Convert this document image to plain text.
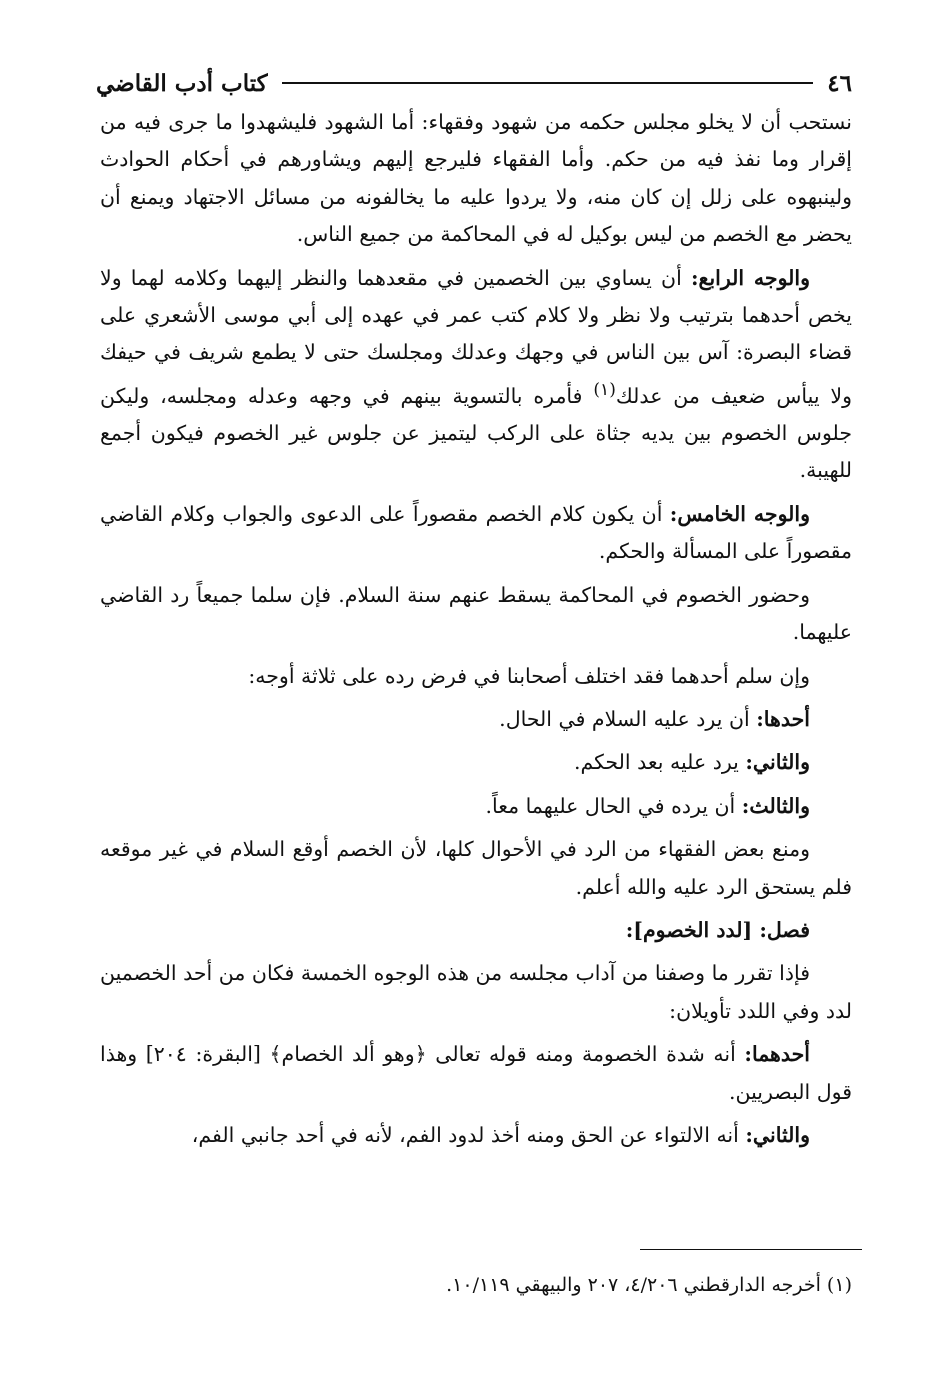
٤٦
كتاب أدب القاضي

نستحب أن لا يخلو مجلس حكمه من شهود وفقهاء: أما الشهود فليشهدوا ما جرى فيه من إقرار وما نفذ فيه من حكم. وأما الفقهاء فليرجع إليهم ويشاورهم في أحكام الحوادث ولينبهوه على زلل إن كان منه، ولا يردوا عليه ما يخالفونه من مسائل الاجتهاد ويمنع أن يحضر مع الخصم من ليس بوكيل له في المحاكمة من جميع الناس.

والوجه الرابع: أن يساوي بين الخصمين في مقعدهما والنظر إليهما وكلامه لهما ولا يخص أحدهما بترتيب ولا نظر ولا كلام كتب عمر في عهده إلى أبي موسى الأشعري على قضاء البصرة: آس بين الناس في وجهك وعدلك ومجلسك حتى لا يطمع شريف في حيفك ولا ييأس ضعيف من عدلك$^{(١)}$ فأمره بالتسوية بينهم في وجهه وعدله ومجلسه، وليكن جلوس الخصوم بين يديه جثاة على الركب ليتميز عن جلوس غير الخصوم فيكون أجمع للهيبة.

والوجه الخامس: أن يكون كلام الخصم مقصوراً على الدعوى والجواب وكلام القاضي مقصوراً على المسألة والحكم.

وحضور الخصوم في المحاكمة يسقط عنهم سنة السلام. فإن سلما جميعاً رد القاضي عليهما.

وإن سلم أحدهما فقد اختلف أصحابنا في فرض رده على ثلاثة أوجه:

أحدها: أن يرد عليه السلام في الحال.

والثاني: يرد عليه بعد الحكم.

والثالث: أن يرده في الحال عليهما معاً.

ومنع بعض الفقهاء من الرد في الأحوال كلها، لأن الخصم أوقع السلام في غير موقعه فلم يستحق الرد عليه والله أعلم.

فصل: [لدد الخصوم]:

فإذا تقرر ما وصفنا من آداب مجلسه من هذه الوجوه الخمسة فكان من أحد الخصمين لدد وفي اللدد تأويلان:

أحدهما: أنه شدة الخصومة ومنه قوله تعالى ﴿وهو ألد الخصام﴾ [البقرة: ٢٠٤] وهذا قول البصريين.

والثاني: أنه الالتواء عن الحق ومنه أخذ لدود الفم، لأنه في أحد جانبي الفم،

(١) أخرجه الدارقطني ٤/٢٠٦، ٢٠٧ والبيهقي ١٠/١١٩.
